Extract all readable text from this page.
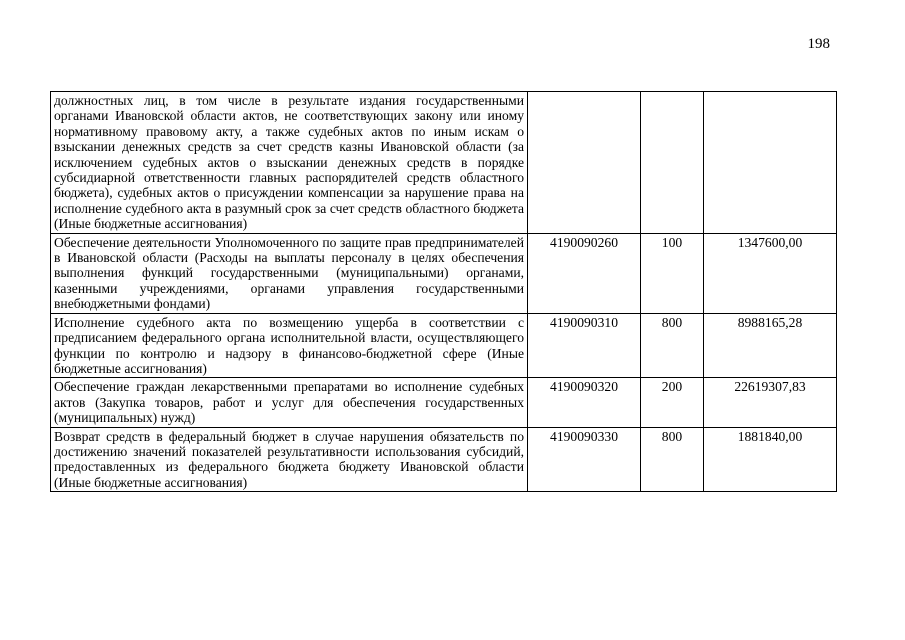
198
должностных лиц, в том числе в результате издания государственными органами Ивановской области актов, не соответствующих закону или иному нормативному правовому акту, а также судебных актов по иным искам о взыскании денежных средств за счет средств казны Ивановской области (за исключением судебных актов о взыскании денежных средств в порядке субсидиарной ответственности главных распорядителей средств областного бюджета), судебных актов о присуждении компенсации за нарушение права на исполнение судебного акта в разумный срок за счет средств областного бюджета (Иные бюджетные ассигнования)			
Обеспечение деятельности Уполномоченного по защите прав предпринимателей в Ивановской области (Расходы на выплаты персоналу в целях обеспечения выполнения функций государственными (муниципальными) органами, казенными учреждениями, органами управления государственными внебюджетными фондами)	4190090260	100	1347600,00
Исполнение судебного акта по возмещению ущерба в соответствии с предписанием федерального органа исполнительной власти, осуществляющего функции по контролю и надзору в финансово-бюджетной сфере (Иные бюджетные ассигнования)	4190090310	800	8988165,28
Обеспечение граждан лекарственными препаратами во исполнение судебных актов (Закупка товаров, работ и услуг для обеспечения государственных (муниципальных) нужд)	4190090320	200	22619307,83
Возврат средств в федеральный бюджет в случае нарушения обязательств по достижению значений показателей результативности использования субсидий, предоставленных из федерального бюджета бюджету Ивановской области (Иные бюджетные ассигнования)	4190090330	800	1881840,00
